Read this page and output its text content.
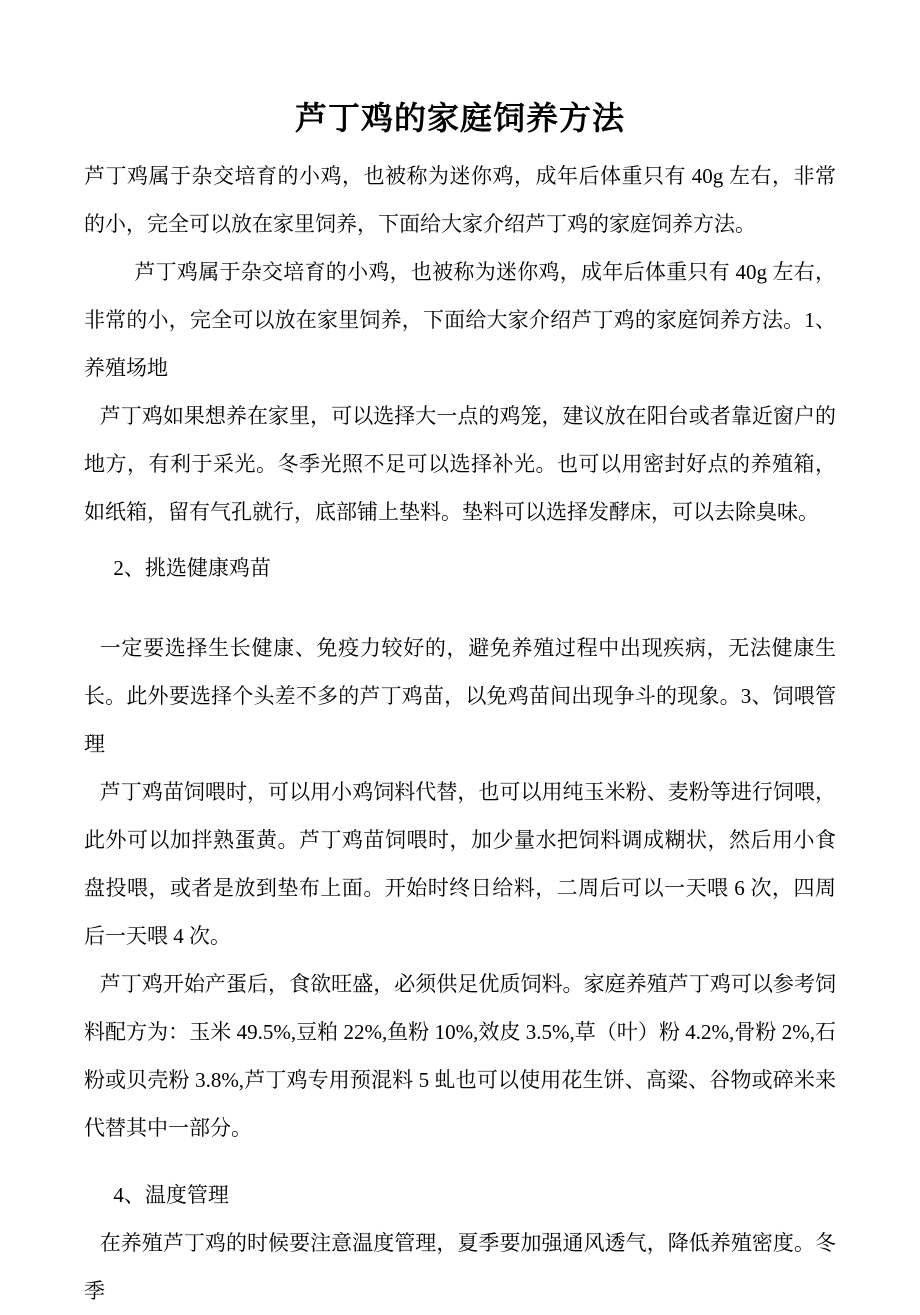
芦丁鸡的家庭饲养方法

芦丁鸡属于杂交培育的小鸡，也被称为迷你鸡，成年后体重只有 40g 左右，非常的小，完全可以放在家里饲养，下面给大家介绍芦丁鸡的家庭饲养方法。

芦丁鸡属于杂交培育的小鸡，也被称为迷你鸡，成年后体重只有 40g 左右，非常的小，完全可以放在家里饲养，下面给大家介绍芦丁鸡的家庭饲养方法。1、养殖场地

芦丁鸡如果想养在家里，可以选择大一点的鸡笼，建议放在阳台或者靠近窗户的地方，有利于采光。冬季光照不足可以选择补光。也可以用密封好点的养殖箱，如纸箱，留有气孔就行，底部铺上垫料。垫料可以选择发酵床，可以去除臭味。

2、挑选健康鸡苗

一定要选择生长健康、免疫力较好的，避免养殖过程中出现疾病，无法健康生长。此外要选择个头差不多的芦丁鸡苗，以免鸡苗间出现争斗的现象。3、饲喂管理

芦丁鸡苗饲喂时，可以用小鸡饲料代替，也可以用纯玉米粉、麦粉等进行饲喂，此外可以加拌熟蛋黄。芦丁鸡苗饲喂时，加少量水把饲料调成糊状，然后用小食盘投喂，或者是放到垫布上面。开始时终日给料，二周后可以一天喂 6 次，四周后一天喂 4 次。

芦丁鸡开始产蛋后，食欲旺盛，必须供足优质饲料。家庭养殖芦丁鸡可以参考饲料配方为：玉米 49.5%,豆粕 22%,鱼粉 10%,效皮 3.5%,草（叶）粉 4.2%,骨粉 2%,石粉或贝壳粉 3.8%,芦丁鸡专用预混料 5 虬也可以使用花生饼、高粱、谷物或碎米来代替其中一部分。

4、温度管理

在养殖芦丁鸡的时候要注意温度管理，夏季要加强通风透气，降低养殖密度。冬季
